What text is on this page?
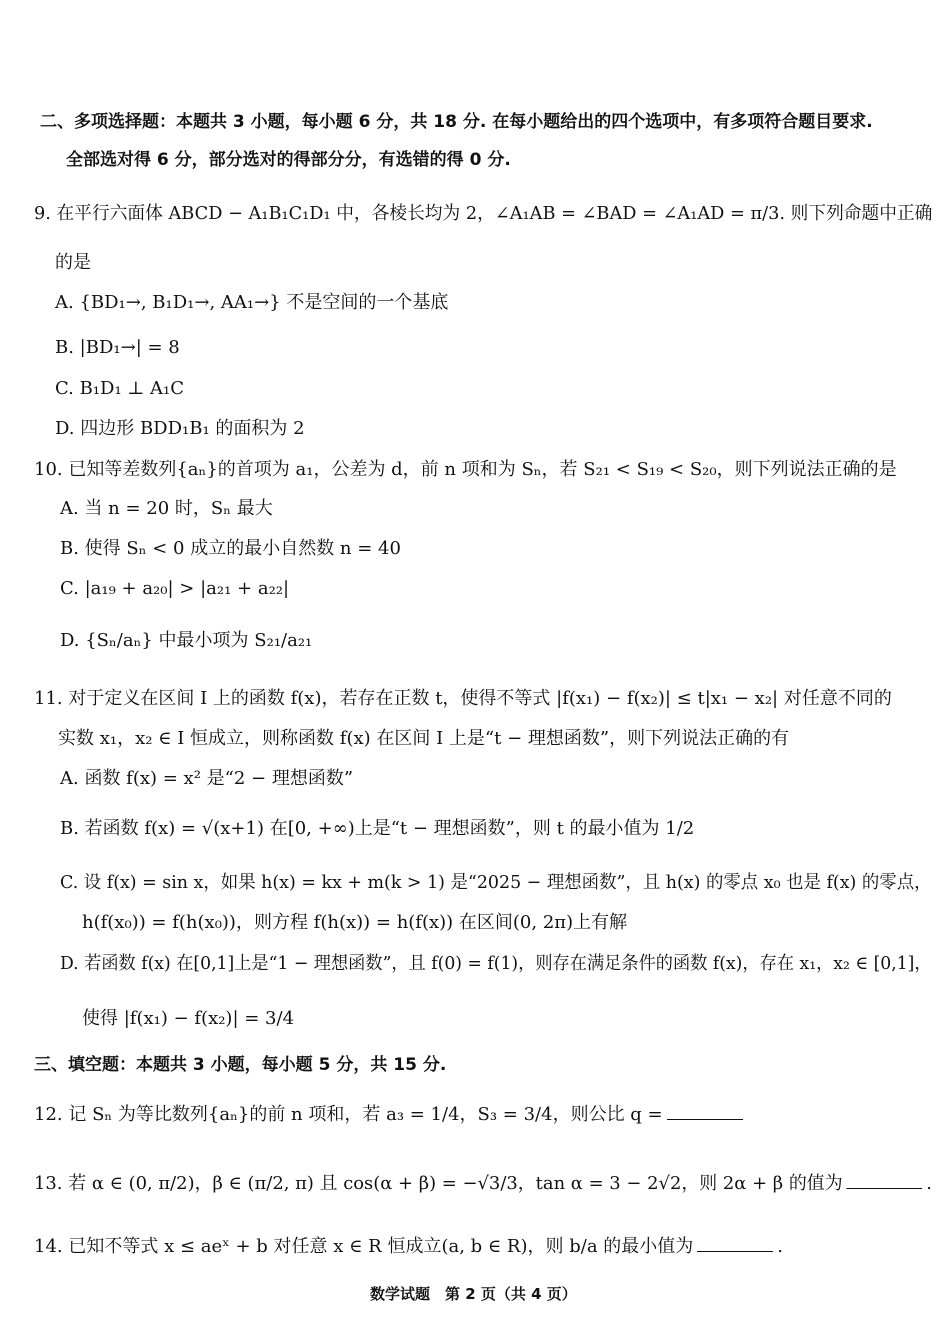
二、多项选择题：本题共 3 小题，每小题 6 分，共 18 分. 在每小题给出的四个选项中，有多项符合题目要求.
全部选对得 6 分，部分选对的得部分分，有选错的得 0 分.
9. 在平行六面体 ABCD − A₁B₁C₁D₁ 中，各棱长均为 2，∠A₁AB = ∠BAD = ∠A₁AD = π/3. 则下列命题中正确
的是
A. {BD₁→, B₁D₁→, AA₁→} 不是空间的一个基底
B. |BD₁→| = 8
C. B₁D₁ ⊥ A₁C
D. 四边形 BDD₁B₁ 的面积为 2
10. 已知等差数列{aₙ}的首项为 a₁，公差为 d，前 n 项和为 Sₙ，若 S₂₁ < S₁₉ < S₂₀，则下列说法正确的是
A. 当 n = 20 时，Sₙ 最大
B. 使得 Sₙ < 0 成立的最小自然数 n = 40
C. |a₁₉ + a₂₀| > |a₂₁ + a₂₂|
D. {Sₙ/aₙ} 中最小项为 S₂₁/a₂₁
11. 对于定义在区间 I 上的函数 f(x)，若存在正数 t，使得不等式 |f(x₁) − f(x₂)| ≤ t|x₁ − x₂| 对任意不同的
实数 x₁，x₂ ∈ I 恒成立，则称函数 f(x) 在区间 I 上是“t − 理想函数”，则下列说法正确的有
A. 函数 f(x) = x² 是“2 − 理想函数”
B. 若函数 f(x) = √(x+1) 在[0, +∞)上是“t − 理想函数”，则 t 的最小值为 1/2
C. 设 f(x) = sin x，如果 h(x) = kx + m(k > 1) 是“2025 − 理想函数”，且 h(x) 的零点 x₀ 也是 f(x) 的零点，
h(f(x₀)) = f(h(x₀))，则方程 f(h(x)) = h(f(x)) 在区间(0, 2π)上有解
D. 若函数 f(x) 在[0,1]上是“1 − 理想函数”，且 f(0) = f(1)，则存在满足条件的函数 f(x)，存在 x₁，x₂ ∈ [0,1]，
使得 |f(x₁) − f(x₂)| = 3/4
三、填空题：本题共 3 小题，每小题 5 分，共 15 分.
12. 记 Sₙ 为等比数列{aₙ}的前 n 项和，若 a₃ = 1/4，S₃ = 3/4，则公比 q =
13. 若 α ∈ (0, π/2)，β ∈ (π/2, π) 且 cos(α + β) = −√3/3，tan α = 3 − 2√2，则 2α + β 的值为	.
14. 已知不等式 x ≤ aeˣ + b 对任意 x ∈ R 恒成立(a, b ∈ R)，则 b/a 的最小值为	.
数学试题　第 2 页（共 4 页）
